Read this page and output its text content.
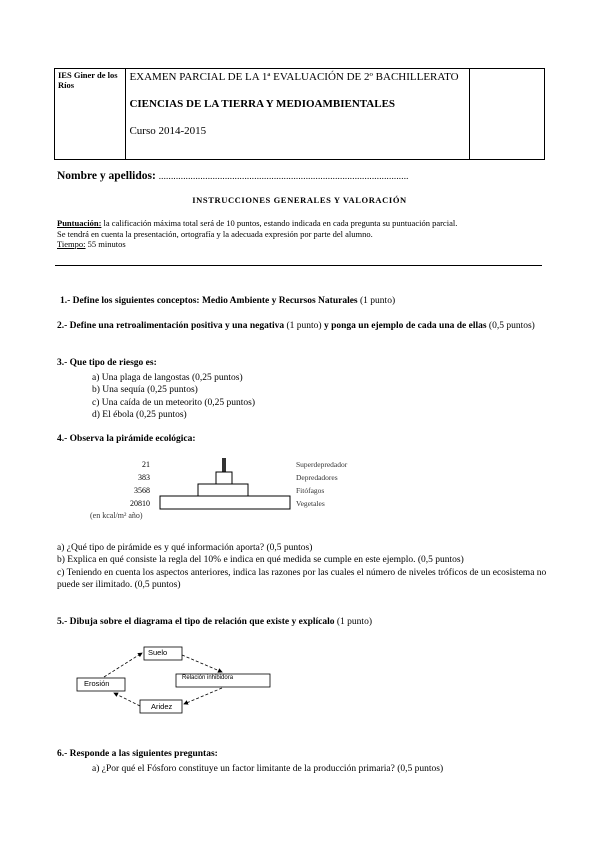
IES Giner de los Ríos	

EXAMEN PARCIAL DE LA 1ª EVALUACIÓN DE 2º BACHILLERATO

CIENCIAS DE LA TIERRA Y MEDIOAMBIENTALES

Curso 2014-2015

Nombre y apellidos: ......................................................................................................
INSTRUCCIONES GENERALES Y VALORACIÓN
Puntuación: la calificación máxima total será de 10 puntos, estando indicada en cada pregunta su puntuación parcial.
Se tendrá en cuenta la presentación, ortografía y la adecuada expresión por parte del alumno.
Tiempo: 55 minutos
1.- Define los siguientes conceptos: Medio Ambiente y Recursos Naturales (1 punto)
2.- Define una retroalimentación positiva y una negativa (1 punto) y ponga un ejemplo de cada una de ellas (0,5 puntos)
3.- Que tipo de riesgo es:
a) Una plaga de langostas (0,25 puntos)
b) Una sequía (0,25 puntos)
c) Una caída de un meteorito (0,25 puntos)
d) El ébola (0,25 puntos)
4.- Observa la pirámide ecológica:
21
383
3568
20810
(en kcal/m² año)
Superdepredador
Depredadores
Fitófagos
Vegetales
a) ¿Qué tipo de pirámide es y qué información aporta? (0,5 puntos)
b) Explica en qué consiste la regla del 10% e indica en qué medida se cumple en este ejemplo. (0,5 puntos)
c) Teniendo en cuenta los aspectos anteriores, indica las razones por las cuales el número de niveles tróficos de un ecosistema no puede ser ilimitado. (0,5 puntos)
5.- Dibuja sobre el diagrama el tipo de relación que existe y explícalo (1 punto)
Suelo
Erosión
Relación inhibidora
Aridez
6.- Responde a las siguientes preguntas:
a) ¿Por qué el Fósforo constituye un factor limitante de la producción primaria? (0,5 puntos)
